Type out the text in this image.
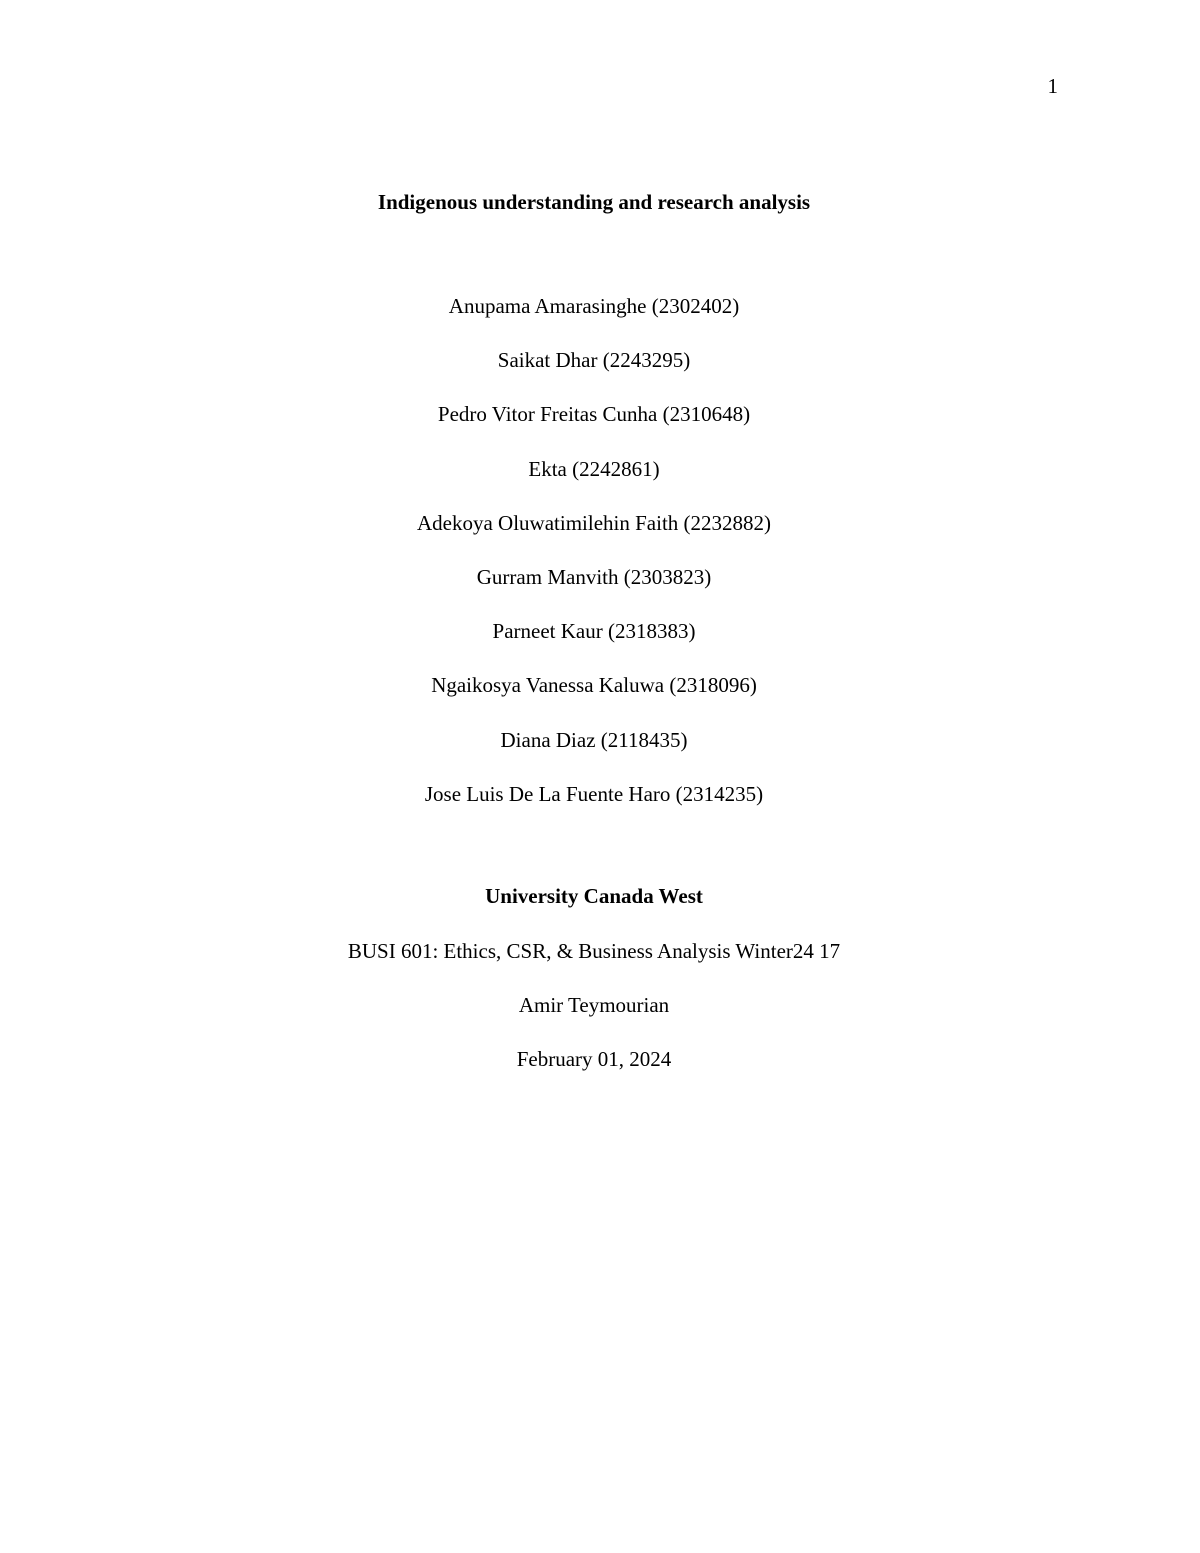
1
Indigenous understanding and research analysis
Anupama Amarasinghe (2302402)
Saikat Dhar (2243295)
Pedro Vitor Freitas Cunha (2310648)
Ekta (2242861)
Adekoya Oluwatimilehin Faith (2232882)
Gurram Manvith (2303823)
Parneet Kaur (2318383)
Ngaikosya Vanessa Kaluwa (2318096)
Diana Diaz (2118435)
Jose Luis De La Fuente Haro (2314235)
University Canada West
BUSI 601: Ethics, CSR, & Business Analysis Winter24 17
Amir Teymourian
February 01, 2024
